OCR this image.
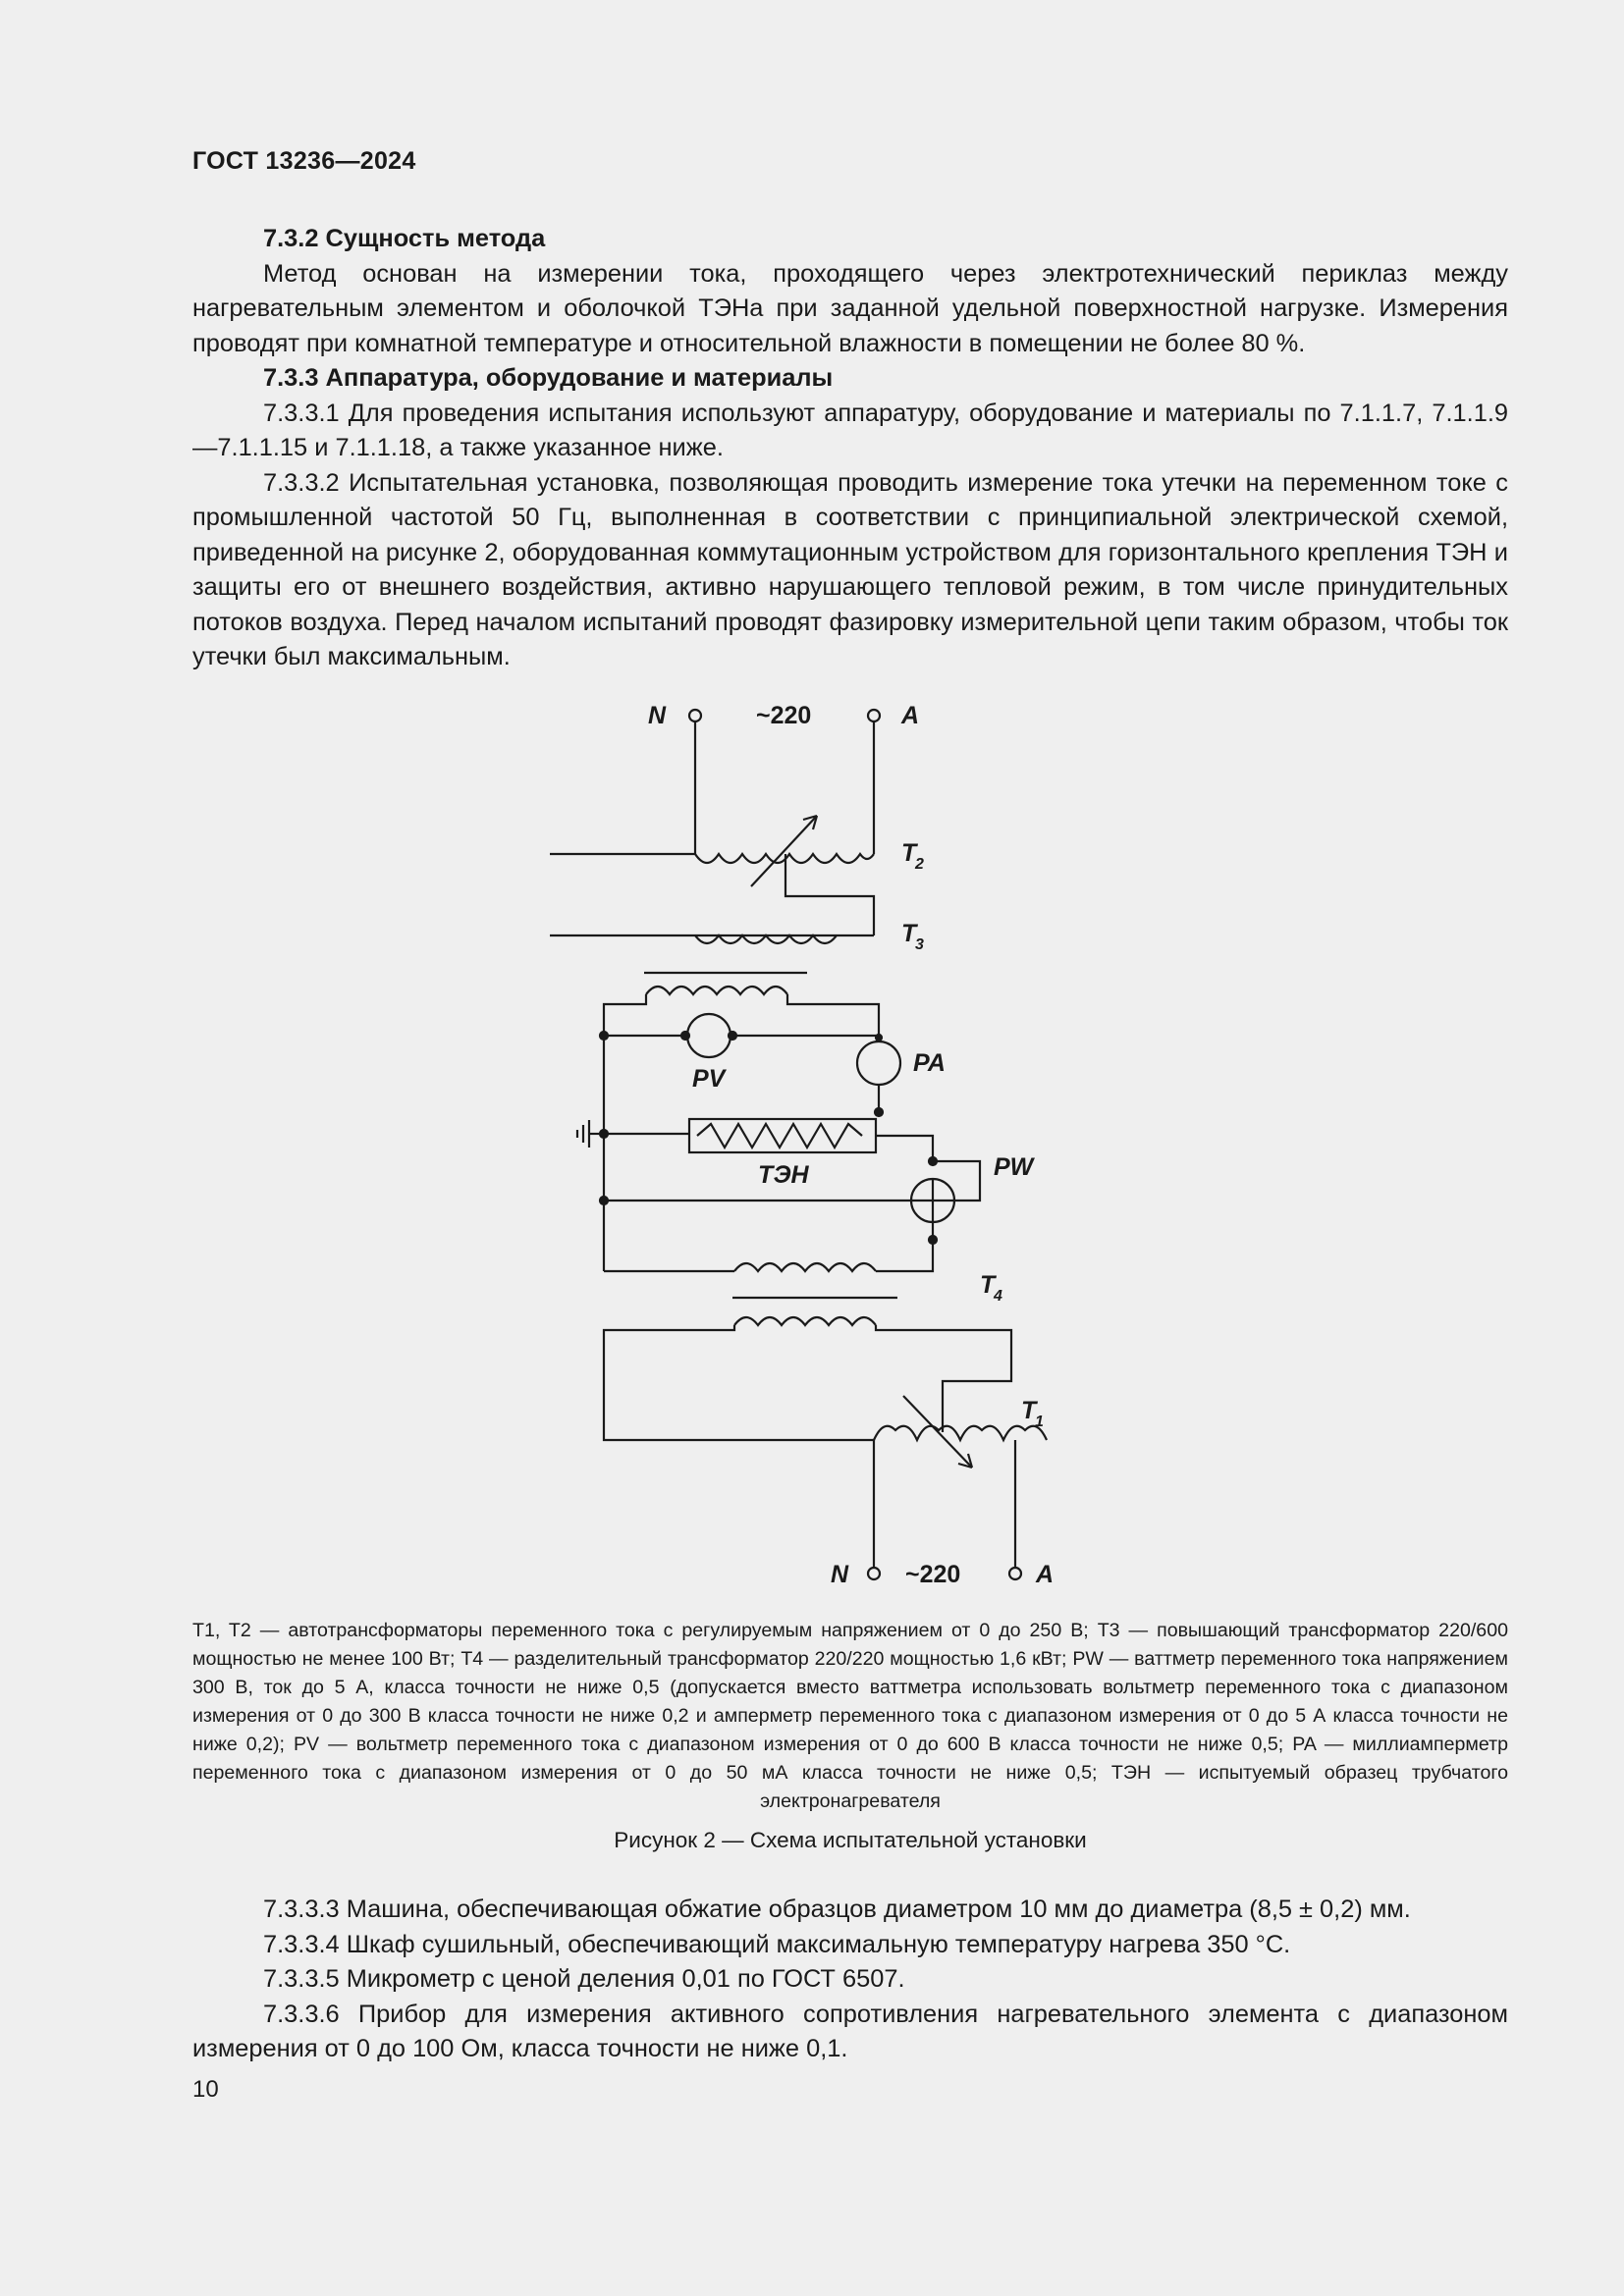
ГОСТ 13236—2024

7.3.2 Сущность метода

Метод основан на измерении тока, проходящего через электротехнический периклаз между нагревательным элементом и оболочкой ТЭНа при заданной удельной поверхностной нагрузке. Измерения проводят при комнатной температуре и относительной влажности в помещении не более 80 %.

7.3.3 Аппаратура, оборудование и материалы

7.3.3.1 Для проведения испытания используют аппаратуру, оборудование и материалы по 7.1.1.7, 7.1.1.9—7.1.1.15 и 7.1.1.18, а также указанное ниже.

7.3.3.2 Испытательная установка, позволяющая проводить измерение тока утечки на переменном токе с промышленной частотой 50 Гц, выполненная в соответствии с принципиальной электрической схемой, приведенной на рисунке 2, оборудованная коммутационным устройством для горизонтального крепления ТЭН и защиты его от внешнего воздействия, активно нарушающего тепловой режим, в том числе принудительных потоков воздуха. Перед началом испытаний проводят фазировку измерительной цепи таким образом, чтобы ток утечки был максимальным.

N	~220	A
T
2
T
3
PV
PA
ТЭН	PW
T
4
T
1
N ~220	A
T1, T2 — автотрансформаторы переменного тока с регулируемым напряжением от 0 до 250 В; T3 — повышающий трансформатор 220/600 мощностью не менее 100 Вт; T4 — разделительный трансформатор 220/220 мощностью 1,6 кВт; PW — ваттметр переменного тока напряжением 300 В, ток до 5 А, класса точности не ниже 0,5 (допускается вместо ваттметра использовать вольтметр переменного тока с диапазоном измерения от 0 до 300 В класса точности не ниже 0,2 и амперметр переменного тока с диапазоном измерения от 0 до 5 А класса точности не ниже 0,2); PV — вольтметр переменного тока с диапазоном измерения от 0 до 600 В класса точности не ниже 0,5; PA — миллиамперметр переменного тока с диапазоном измерения от 0 до 50 мА класса точности не ниже 0,5; ТЭН — испытуемый образец трубчатого электронагревателя
Рисунок 2 — Схема испытательной установки

7.3.3.3 Машина, обеспечивающая обжатие образцов диаметром 10 мм до диаметра (8,5 ± 0,2) мм.

7.3.3.4 Шкаф сушильный, обеспечивающий максимальную температуру нагрева 350 °С.

7.3.3.5 Микрометр с ценой деления 0,01 по ГОСТ 6507.

7.3.3.6 Прибор для измерения активного сопротивления нагревательного элемента с диапазоном измерения от 0 до 100 Ом, класса точности не ниже 0,1.

10
